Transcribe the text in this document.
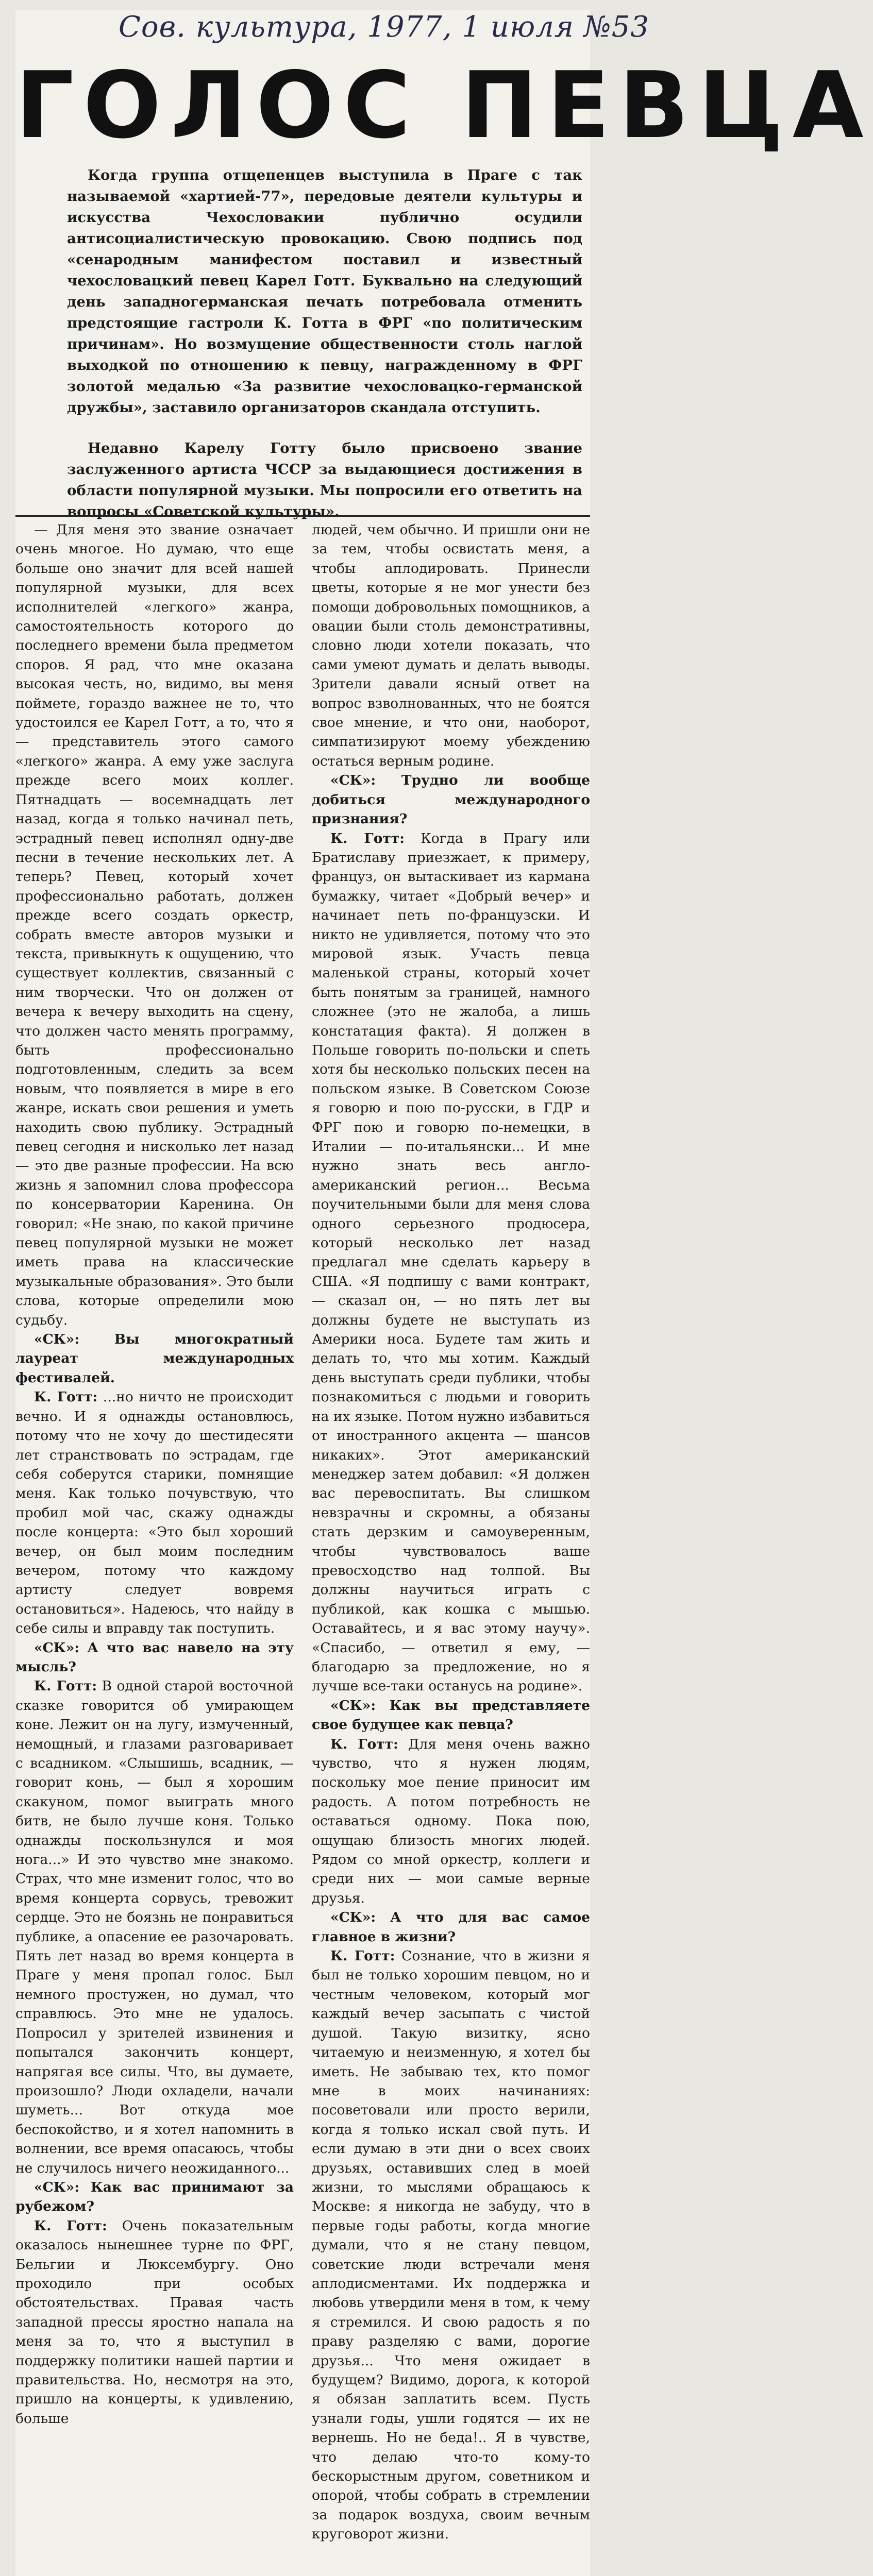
Сов. культура, 1977, 1 июля №53
ГОЛОС ПЕВЦА

Когда группа отщепенцев выступила в Праге с так называемой «хартией-77», передовые деятели культуры и искусства Чехословакии публично осудили антисоциалистическую провокацию. Свою подпись под «сенародным манифестом поставил и известный чехословацкий певец Карел Готт. Буквально на следующий день западногерманская печать потребовала отменить предстоящие гастроли К. Готта в ФРГ «по политическим причинам». Но возмущение общественности столь наглой выходкой по отношению к певцу, награжденному в ФРГ золотой медалью «За развитие чехословацко-германской дружбы», заставило организаторов скандала отступить.

Недавно Карелу Готту было присвоено звание заслуженного артиста ЧССР за выдающиеся достижения в области популярной музыки. Мы попросили его ответить на вопросы «Советской культуры».

— Для меня это звание означает очень многое. Но думаю, что еще больше оно значит для всей нашей популярной музыки, для всех исполнителей «легкого» жанра, самостоятельность которого до последнего времени была предметом споров. Я рад, что мне оказана высокая честь, но, видимо, вы меня поймете, гораздо важнее не то, что удостоился ее Карел Готт, а то, что я — представитель этого самого «легкого» жанра. А ему уже заслуга прежде всего моих коллег. Пятнадцать — восемнадцать лет назад, когда я только начинал петь, эстрадный певец исполнял одну-две песни в течение нескольких лет. А теперь? Певец, который хочет профессионально работать, должен прежде всего создать оркестр, собрать вместе авторов музыки и текста, привыкнуть к ощущению, что существует коллектив, связанный с ним творчески. Что он должен от вечера к вечеру выходить на сцену, что должен часто менять программу, быть профессионально подготовленным, следить за всем новым, что появляется в мире в его жанре, искать свои решения и уметь находить свою публику. Эстрадный певец сегодня и нисколько лет назад — это две разные профессии. На всю жизнь я запомнил слова профессора по консерватории Каренина. Он говорил: «Не знаю, по какой причине певец популярной музыки не может иметь права на классические музыкальные образования». Это были слова, которые определили мою судьбу.

«СК»:	Вы многократный лауреат международных фестивалей.

К. Готт: ...но ничто не происходит вечно. И я однажды остановлюсь, потому что не хочу до шестидесяти лет странствовать по эстрадам, где себя соберутся старики, помнящие меня. Как только почувствую, что пробил мой час, скажу однажды после концерта: «Это был хороший вечер, он был моим последним вечером, потому что каждому артисту следует вовремя остановиться». Надеюсь, что найду в себе силы и вправду так поступить.

«СК»: А что вас навело на эту мысль?

К. Готт: В одной старой восточной сказке говорится об умирающем коне. Лежит он на лугу, измученный, немощный, и глазами разговаривает с всадником. «Слышишь, всадник, — говорит конь, — был я хорошим скакуном, помог выиграть много битв, не было лучше коня. Только однажды поскользнулся и моя нога...» И это чувство мне знакомо. Страх, что мне изменит голос, что во время концерта сорвусь, тревожит сердце. Это не боязнь не понравиться публике, а опасение ее разочаровать. Пять лет назад во время концерта в Праге у меня пропал голос. Был немного простужен, но думал, что справлюсь. Это мне не удалось. Попросил у зрителей извинения и попытался закончить концерт, напрягая все силы. Что, вы думаете, произошло? Люди охладели, начали шуметь... Вот откуда мое беспокойство, и я хотел напомнить в волнении, все время опасаюсь, чтобы не случилось ничего неожиданного...

«СК»: Как вас принимают за рубежом?

К. Готт: Очень показательным оказалось нынешнее турне по ФРГ, Бельгии и Люксембургу. Оно проходило при особых обстоятельствах. Правая часть западной прессы яростно напала на меня за то, что я выступил в поддержку политики нашей партии и правительства. Но, несмотря на это, пришло на концерты, к удивлению, больше

людей, чем обычно. И пришли они не за тем, чтобы освистать меня, а чтобы аплодировать. Принесли цветы, которые я не мог унести без помощи добровольных помощников, а овации были столь демонстративны, словно люди хотели показать, что сами умеют думать и делать выводы. Зрители давали ясный ответ на вопрос взволнованных, что не боятся свое мнение, и что они, наоборот, симпатизируют моему убеждению остаться верным родине.

«СК»: Трудно ли вообще добиться международного признания?

К. Готт: Когда в Прагу или Братиславу приезжает, к примеру, француз, он вытаскивает из кармана бумажку, читает «Добрый вечер» и начинает петь по-французски. И никто не удивляется, потому что это мировой язык. Участь певца маленькой страны, который хочет быть понятым за границей, намного сложнее (это не жалоба, а лишь констатация факта). Я должен в Польше говорить по-польски и спеть хотя бы несколько польских песен на польском языке. В Советском Союзе я говорю и пою по-русски, в ГДР и ФРГ пою и говорю по-немецки, в Италии — по-итальянски... И мне нужно знать весь англо-американский регион... Весьма поучительными были для меня слова одного серьезного продюсера, который несколько лет назад предлагал мне сделать карьеру в США. «Я подпишу с вами контракт, — сказал он, — но пять лет вы должны будете не выступать из Америки носа. Будете там жить и делать то, что мы хотим. Каждый день выступать среди публики, чтобы познакомиться с людьми и говорить на их языке. Потом нужно избавиться от иностранного акцента — шансов никаких». Этот американский менеджер затем добавил: «Я должен вас перевоспитать. Вы слишком невзрачны и скромны, а обязаны стать дерзким и самоуверенным, чтобы чувствовалось ваше превосходство над толпой. Вы должны научиться играть с публикой, как кошка с мышью. Оставайтесь, и я вас этому научу». «Спасибо, — ответил я ему, — благодарю за предложение, но я лучше все-таки останусь на родине».

«СК»: Как вы представляете свое будущее как певца?

К. Готт: Для меня очень важно чувство, что я нужен людям, поскольку мое пение приносит им радость. А потом потребность не оставаться одному. Пока пою, ощущаю близость многих людей. Рядом со мной оркестр, коллеги и среди них — мои самые верные друзья.

«СК»: А что для вас самое главное в жизни?

К. Готт: Сознание, что в жизни я был не только хорошим певцом, но и честным человеком, который мог каждый вечер засыпать с чистой душой. Такую визитку, ясно читаемую и неизменную, я хотел бы иметь. Не забываю тех, кто помог мне в моих начинаниях: посоветовали или просто верили, когда я только искал свой путь. И если думаю в эти дни о всех своих друзьях, оставивших след в моей жизни, то мыслями обращаюсь к Москве: я никогда не забуду, что в первые годы работы, когда многие думали, что я не стану певцом, советские люди встречали меня аплодисментами. Их поддержка и любовь утвердили меня в том, к чему я стремился. И свою радость я по праву разделяю с вами, дорогие друзья... Что меня ожидает в будущем? Видимо, дорога, к которой я обязан заплатить всем. Пусть узнали годы, ушли годятся — их не вернешь. Но не беда!.. Я в чувстве, что делаю что-то кому-то бескорыстным другом, советником и опорой, чтобы собрать в стремлении за подарок воздуха, своим вечным круговорот жизни.
